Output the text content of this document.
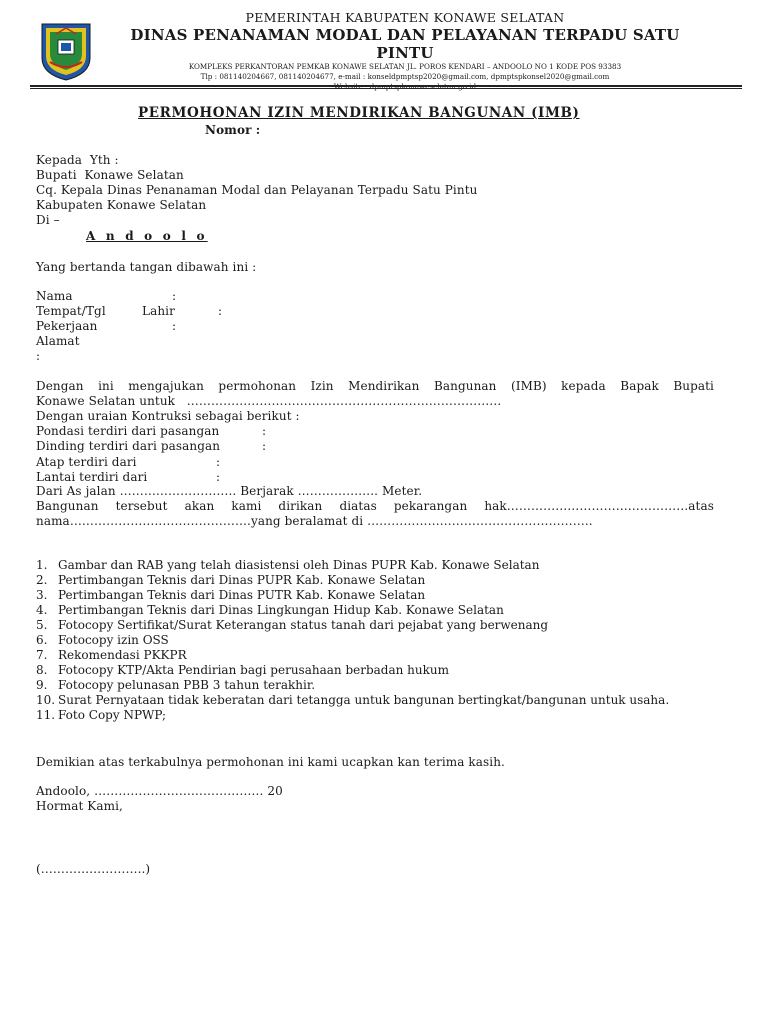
PEMERINTAH KABUPATEN KONAWE SELATAN
DINAS PENANAMAN MODAL DAN PELAYANAN TERPADU SATU PINTU
KOMPLEKS PERKANTORAN PEMKAB KONAWE SELATAN JL. POROS KENDARI – ANDOOLO NO 1 KODE POS 93383
Tlp : 081140204667, 081140204677, e-mail : konseldpmptsp2020@gmail.com, dpmptspkonsel2020@gmail.com
PERMOHONAN IZIN MENDIRIKAN BANGUNAN (IMB)
Nomor :
Kepada  Yth :
Bupati  Konawe Selatan
Cq. Kepala Dinas Penanaman Modal dan Pelayanan Terpadu Satu Pintu
Kabupaten Konawe Selatan
Di –
A n d o o l o
Yang bertanda tangan dibawah ini :
Nama	:
Tempat/Tgl	Lahir	:
Pekerjaan	:
Alamat
:
Dengan ini mengajukan permohonan Izin Mendirikan Bangunan (IMB) kepada Bapak Bupati
Konawe Selatan untuk   ……………………………………………………………………
Dengan uraian Kontruksi sebagai berikut :
Pondasi terdiri dari pasangan	:
Dinding terdiri dari pasangan	:
Atap terdiri dari	:
Lantai terdiri dari	:
Dari As jalan ……………………….. Berjarak ……………….. Meter.
Bangunan tersebut akan kami dirikan diatas pekarangan hak………………………………………atas
nama…………………..………………….yang beralamat di ………………………………………………..
1. Gambar dan RAB yang telah diasistensi oleh Dinas PUPR Kab. Konawe Selatan
2. Pertimbangan Teknis dari Dinas PUPR Kab. Konawe Selatan
3. Pertimbangan Teknis dari Dinas PUTR Kab. Konawe Selatan
4. Pertimbangan Teknis dari Dinas Lingkungan Hidup Kab. Konawe Selatan
5. Fotocopy Sertifikat/Surat Keterangan status tanah dari pejabat yang berwenang
6. Fotocopy izin OSS
7. Rekomendasi PKKPR
8. Fotocopy KTP/Akta Pendirian bagi perusahaan berbadan hukum
9. Fotocopy pelunasan PBB 3 tahun terakhir.
10. Surat Pernyataan tidak keberatan dari tetangga untuk bangunan bertingkat/bangunan untuk usaha.
11. Foto Copy NPWP;
Demikian atas terkabulnya permohonan ini kami ucapkan kan terima kasih.
Andoolo, …………………………………… 20
Hormat Kami,
(……………………..)
